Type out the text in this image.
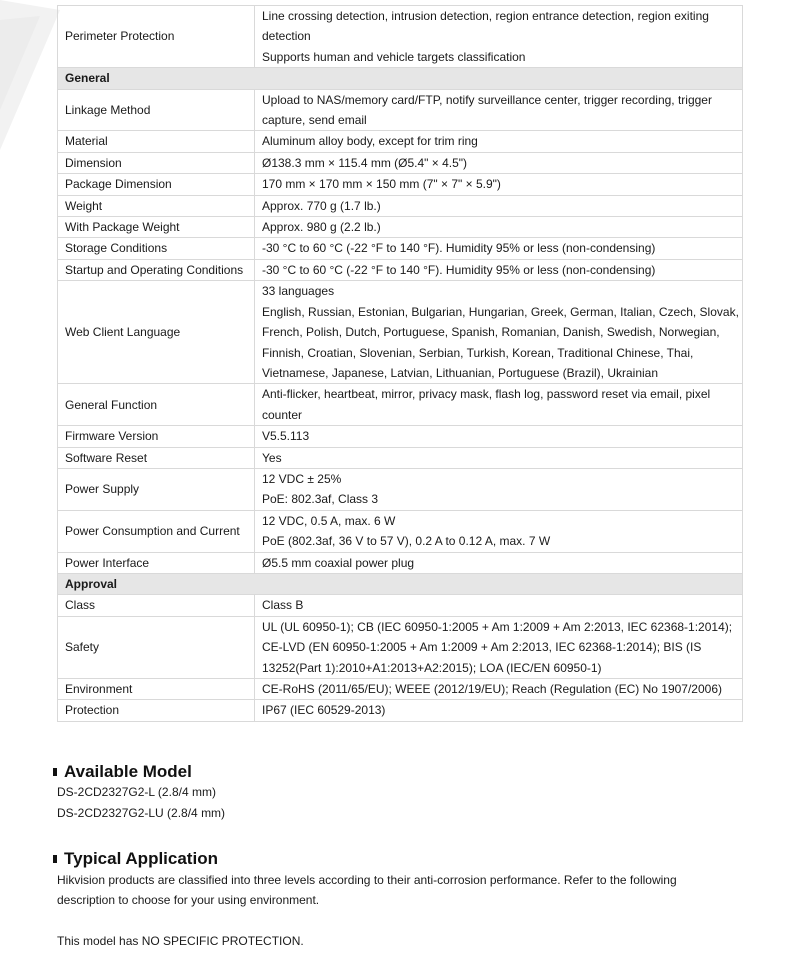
Perimeter Protection	Line crossing detection, intrusion detection, region entrance detection, region exiting
detection
Supports human and vehicle targets classification

General	
Linkage Method	Upload to NAS/memory card/FTP, notify surveillance center, trigger recording, trigger
capture, send email

Material	Aluminum alloy body, except for trim ring

Dimension	Ø138.3 mm × 115.4 mm (Ø5.4" × 4.5")

Package Dimension	170 mm × 170 mm × 150 mm (7" × 7" × 5.9")

Weight	Approx. 770 g (1.7 lb.)

With Package Weight	Approx. 980 g (2.2 lb.)

Storage Conditions	-30 °C to 60 °C (-22 °F to 140 °F). Humidity 95% or less (non-condensing)

Startup and Operating Conditions	-30 °C to 60 °C (-22 °F to 140 °F). Humidity 95% or less (non-condensing)

Web Client Language	33 languages
English, Russian, Estonian, Bulgarian, Hungarian, Greek, German, Italian, Czech, Slovak,
French, Polish, Dutch, Portuguese, Spanish, Romanian, Danish, Swedish, Norwegian,
Finnish, Croatian, Slovenian, Serbian, Turkish, Korean, Traditional Chinese, Thai,
Vietnamese, Japanese, Latvian, Lithuanian, Portuguese (Brazil), Ukrainian

General Function	Anti-flicker, heartbeat, mirror, privacy mask, flash log, password reset via email, pixel
counter

Firmware Version	V5.5.113

Software Reset	Yes

Power Supply	12 VDC ± 25%
PoE: 802.3af, Class 3

Power Consumption and Current	12 VDC, 0.5 A, max. 6 W
PoE (802.3af, 36 V to 57 V), 0.2 A to 0.12 A, max. 7 W

Power Interface	Ø5.5 mm coaxial power plug

Approval	
Class	Class B

Safety	UL (UL 60950-1); CB (IEC 60950-1:2005 + Am 1:2009 + Am 2:2013, IEC 62368-1:2014);
CE-LVD (EN 60950-1:2005 + Am 1:2009 + Am 2:2013, IEC 62368-1:2014); BIS (IS
13252(Part 1):2010+A1:2013+A2:2015); LOA (IEC/EN 60950-1)

Environment	CE-RoHS (2011/65/EU); WEEE (2012/19/EU); Reach (Regulation (EC) No 1907/2006)

Protection	IP67 (IEC 60529-2013)
Available Model
DS-2CD2327G2-L (2.8/4 mm)
DS-2CD2327G2-LU (2.8/4 mm)
Typical Application
Hikvision products are classified into three levels according to their anti-corrosion performance. Refer to the following
description to choose for your using environment.
This model has NO SPECIFIC PROTECTION.
